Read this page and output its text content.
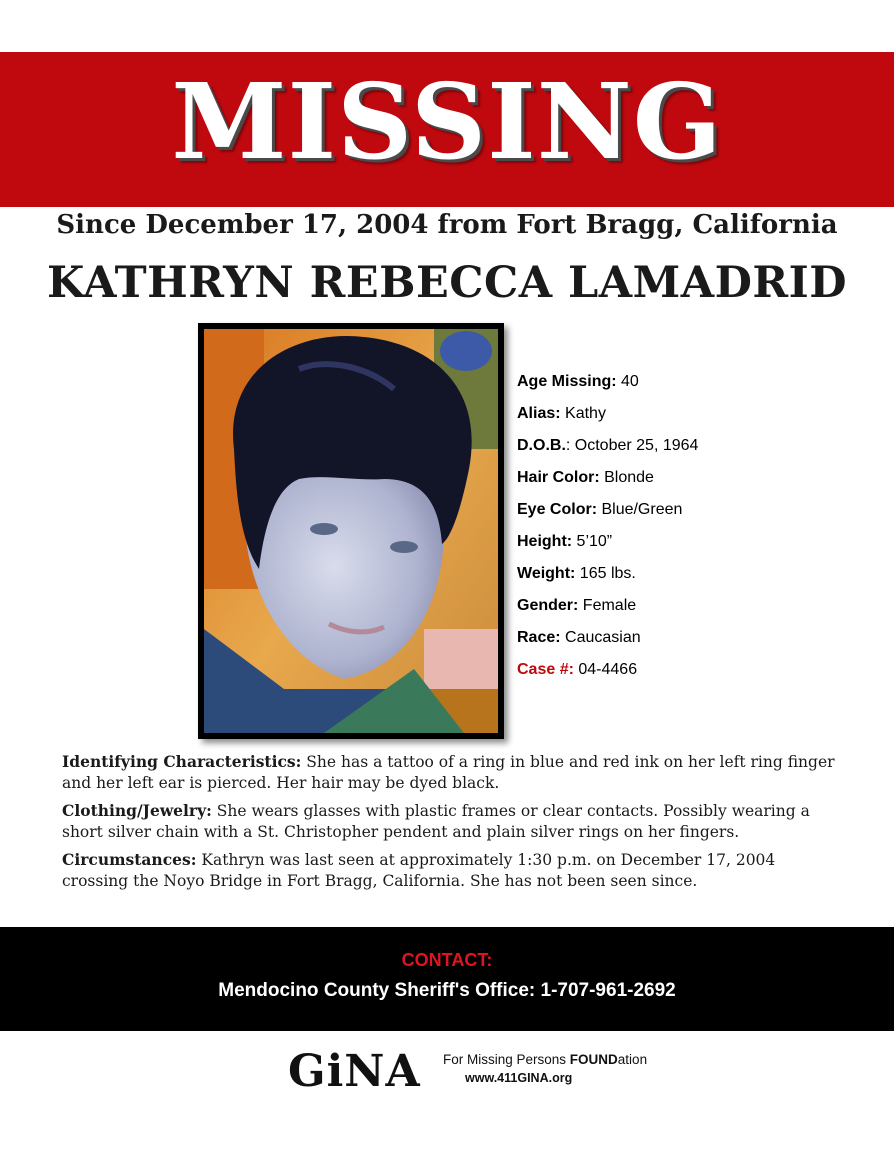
MISSING
Since December 17, 2004 from Fort Bragg, California
KATHRYN REBECCA LAMADRID
Age Missing: 40
Alias: Kathy
D.O.B.: October 25, 1964
Hair Color: Blonde
Eye Color: Blue/Green
Height: 5’10”
Weight: 165 lbs.
Gender: Female
Race: Caucasian
Case #: 04-4466

Identifying Characteristics: She has a tattoo of a ring in blue and red ink on her left ring finger and her left ear is pierced. Her hair may be dyed black.

Clothing/Jewelry: She wears glasses with plastic frames or clear contacts. Possibly wearing a short silver chain with a St. Christopher pendent and plain silver rings on her fingers.

Circumstances: Kathryn was last seen at approximately 1:30 p.m. on December 17, 2004 crossing the Noyo Bridge in Fort Bragg, California. She has not been seen since.

CONTACT:
Mendocino County Sheriff's Office: 1-707-961-2692
GiNA For Missing Persons FOUNDation
www.411GINA.org
